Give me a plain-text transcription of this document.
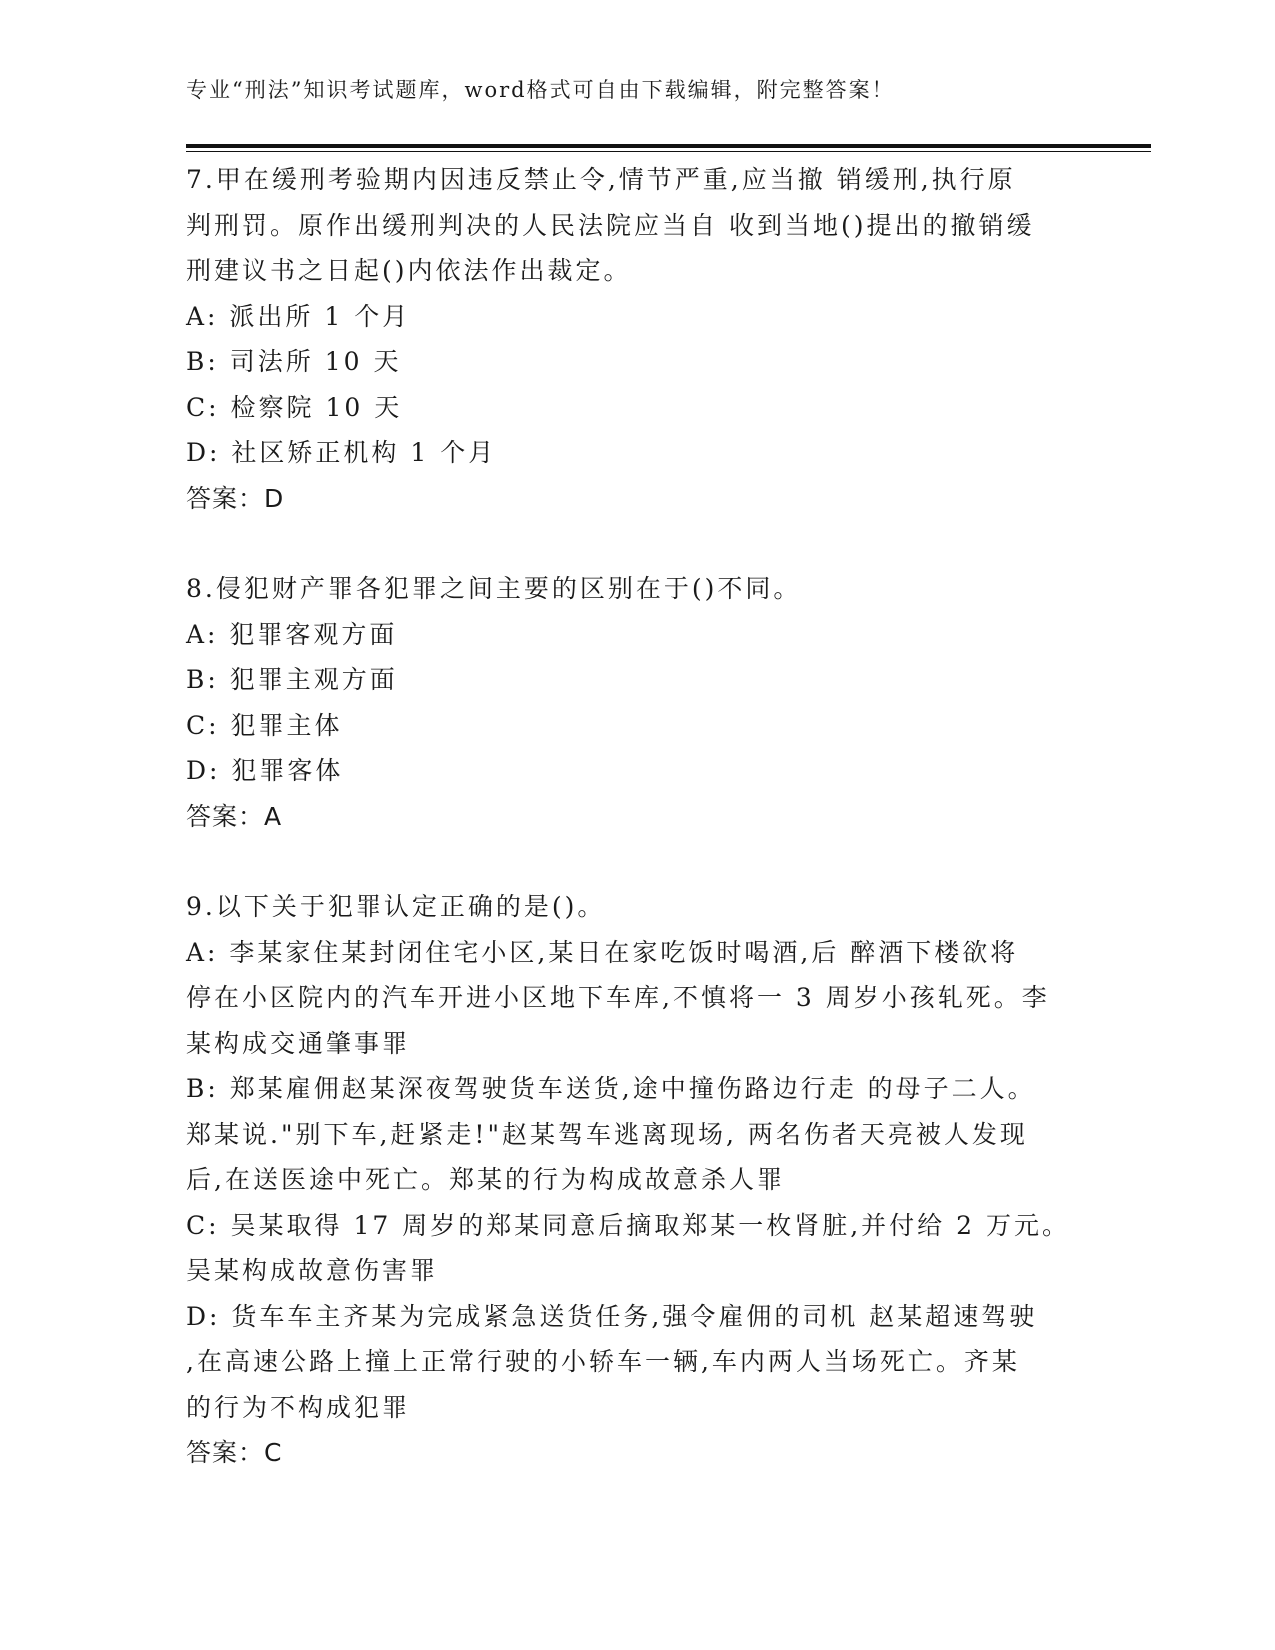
专业“刑法”知识考试题库，word格式可自由下载编辑，附完整答案！
7.甲在缓刑考验期内因违反禁止令,情节严重,应当撤 销缓刑,执行原
判刑罚。原作出缓刑判决的人民法院应当自 收到当地()提出的撤销缓
刑建议书之日起()内依法作出裁定。
A: 派出所 1 个月
B: 司法所 10 天
C: 检察院 10 天
D: 社区矫正机构 1 个月
答案：D
8.侵犯财产罪各犯罪之间主要的区别在于()不同。
A: 犯罪客观方面
B: 犯罪主观方面
C: 犯罪主体
D: 犯罪客体
答案：A
9.以下关于犯罪认定正确的是()。
A: 李某家住某封闭住宅小区,某日在家吃饭时喝酒,后 醉酒下楼欲将
停在小区院内的汽车开进小区地下车库,不慎将一 3 周岁小孩轧死。李
某构成交通肇事罪
B: 郑某雇佣赵某深夜驾驶货车送货,途中撞伤路边行走 的母子二人。
郑某说."别下车,赶紧走!"赵某驾车逃离现场, 两名伤者天亮被人发现
后,在送医途中死亡。郑某的行为构成故意杀人罪
C: 吴某取得 17 周岁的郑某同意后摘取郑某一枚肾脏,并付给 2 万元。
吴某构成故意伤害罪
D: 货车车主齐某为完成紧急送货任务,强令雇佣的司机 赵某超速驾驶
,在高速公路上撞上正常行驶的小轿车一辆,车内两人当场死亡。齐某
的行为不构成犯罪
答案：C
